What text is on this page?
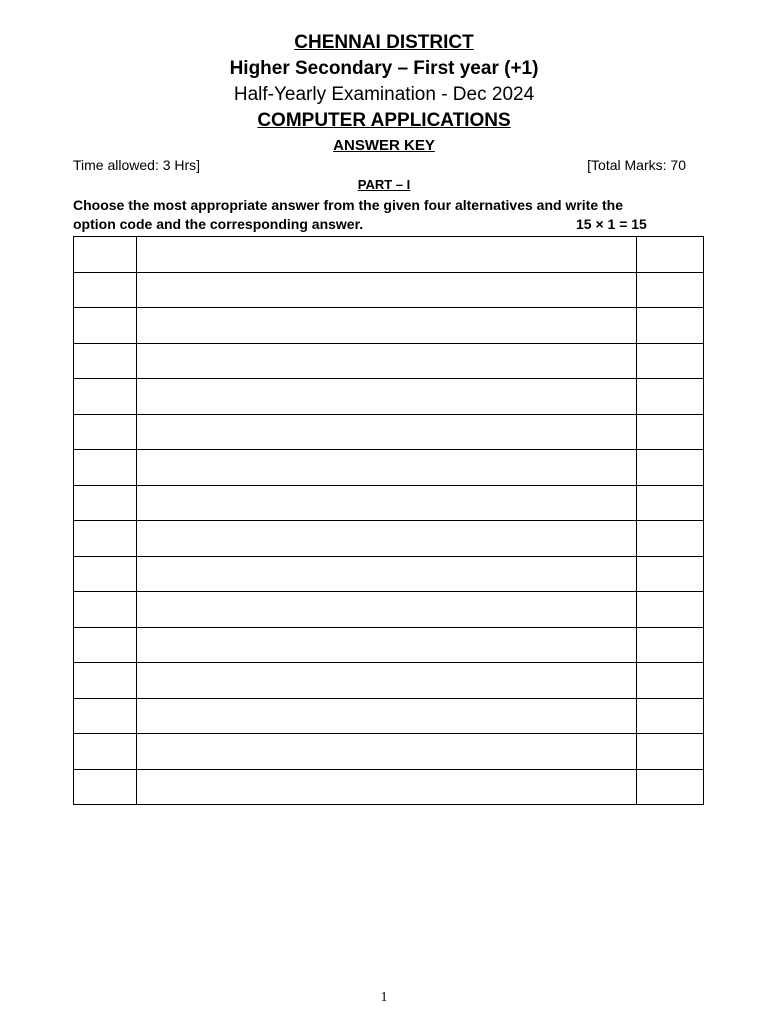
CHENNAI DISTRICT
Higher Secondary – First year (+1)
Half-Yearly Examination - Dec 2024
COMPUTER APPLICATIONS
ANSWER KEY
Time allowed: 3 Hrs]	[Total Marks: 70
PART – I
Choose the most appropriate answer from the given four alternatives and write the
option code and the corresponding answer.	15 × 1 = 15

1
